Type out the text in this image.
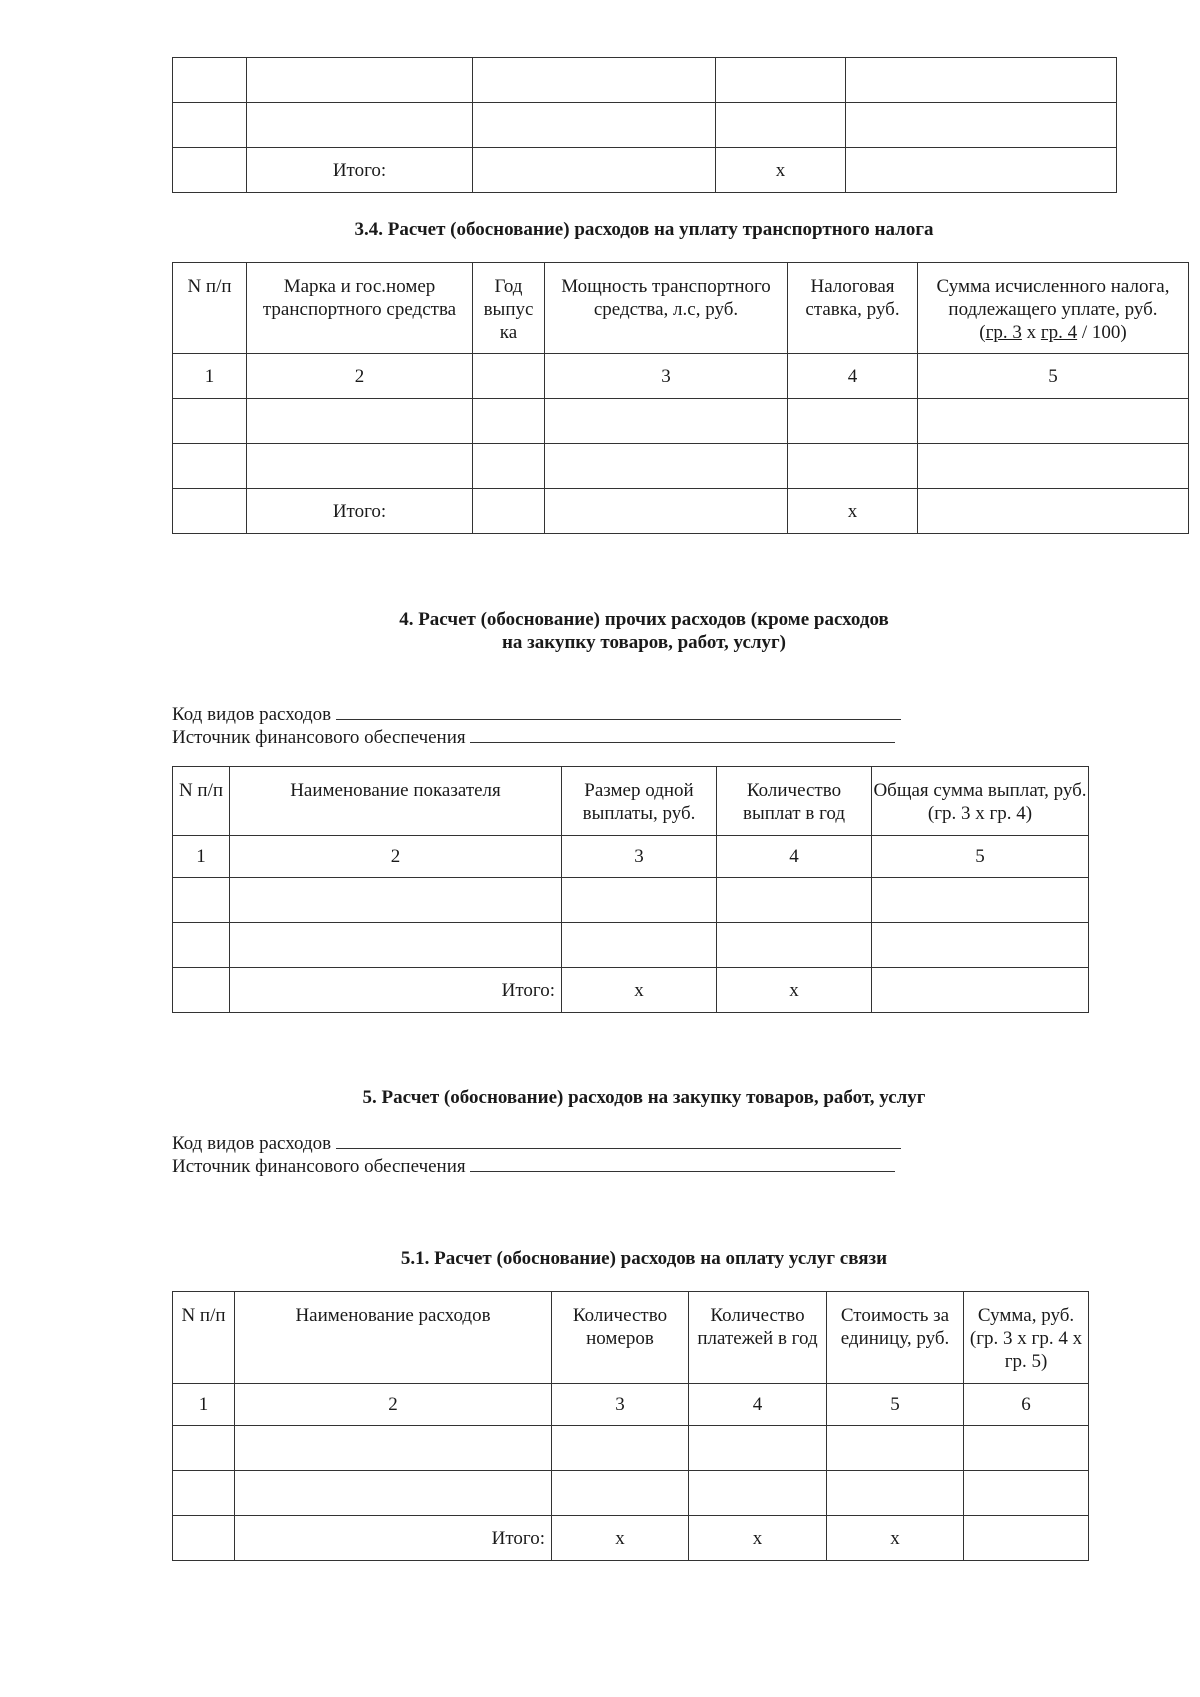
	Итого:		х	
3.4. Расчет (обоснование) расходов на уплату транспортного налога
N п/п	Марка и гос.номер транспортного средства	Год выпус ка	Мощность транспортного средства, л.с, руб.	Налоговая ставка, руб.	Сумма исчисленного налога,
подлежащего уплате, руб.
(гр. 3 х гр. 4 / 100)
1	2		3	4	5

	Итого:			х	
4. Расчет (обоснование) прочих расходов (кроме расходов
на закупку товаров, работ, услуг)
Код видов расходов
Источник финансового обеспечения
N п/п	Наименование показателя	Размер одной выплаты, руб.	Количество выплат в год	Общая сумма выплат, руб. (гр. 3 х гр. 4)
1	2	3	4	5

	Итого:	х	х	
5. Расчет (обоснование) расходов на закупку товаров, работ, услуг
Код видов расходов
Источник финансового обеспечения
5.1. Расчет (обоснование) расходов на оплату услуг связи
N п/п	Наименование расходов	Количество номеров	Количество платежей в год	Стоимость за единицу, руб.	Сумма, руб. (гр. 3 х гр. 4 х гр. 5)
1	2	3	4	5	6

	Итого:	х	х	х	
